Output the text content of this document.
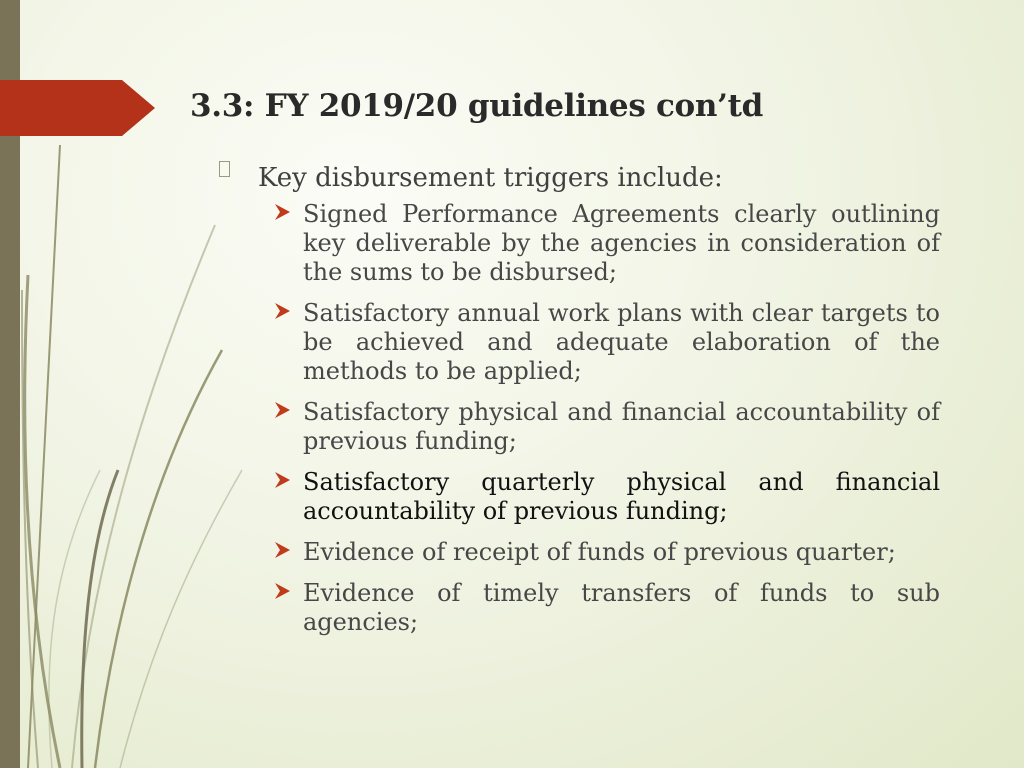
3.3: FY 2019/20 guidelines con’td
Key disbursement triggers include:
Signed Performance Agreements clearly outlining key deliverable by the agencies in consideration of the sums to be disbursed;
Satisfactory annual work plans with clear targets to be achieved and adequate elaboration of the methods to be applied;
Satisfactory physical and financial accountability of previous funding;
Satisfactory quarterly physical and financial accountability of previous funding;
Evidence of receipt of funds of previous quarter;
Evidence of timely transfers of funds to sub agencies;
